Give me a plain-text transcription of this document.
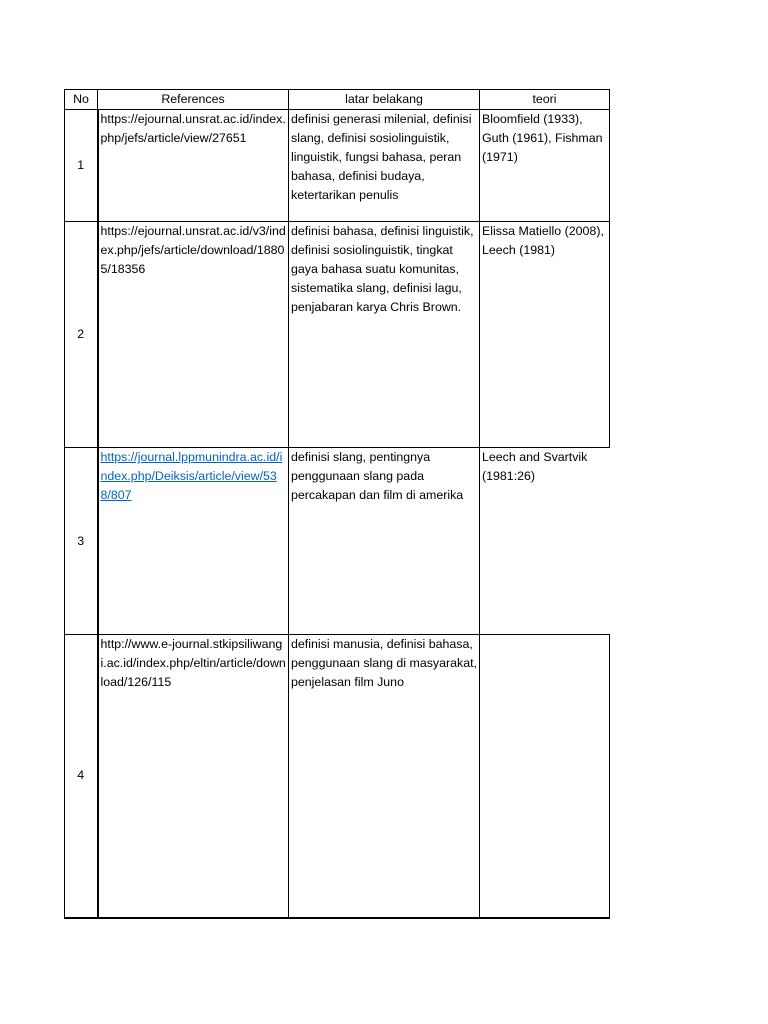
No	References	latar belakang	teori
1	https://ejournal.unsrat.ac.id/index.php/jefs/article/view/27651	definisi generasi milenial, definisi slang, definisi sosiolinguistik, linguistik, fungsi bahasa, peran bahasa, definisi budaya, ketertarikan penulis	Bloomfield (1933), Guth (1961), Fishman (1971)
2	https://ejournal.unsrat.ac.id/v3/index.php/jefs/article/download/18805/18356	definisi bahasa, definisi linguistik, definisi sosiolinguistik, tingkat gaya bahasa suatu komunitas, sistematika slang, definisi lagu, penjabaran karya Chris Brown.	Elissa Matiello (2008), Leech (1981)
3	https://journal.lppmunindra.ac.id/index.php/Deiksis/article/view/538/807	definisi slang, pentingnya penggunaan slang pada percakapan dan film di amerika	Leech and Svartvik (1981:26)
4	http://www.e-journal.stkipsiliwangi.ac.id/index.php/eltin/article/download/126/115	definisi manusia, definisi bahasa, penggunaan slang di masyarakat, penjelasan film Juno	
